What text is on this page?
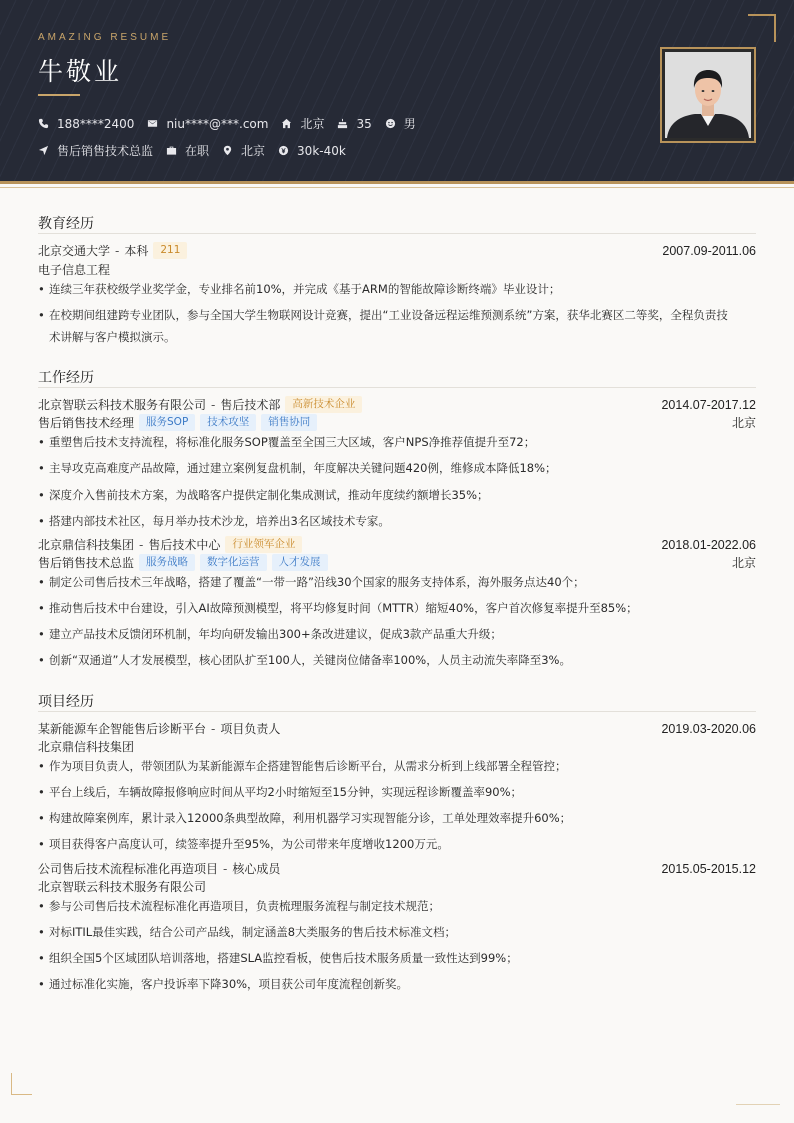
AMAZING RESUME
牛敬业
188****2400	niu****@***.com	北京	35	男
售后销售技术总监	在职	北京	30k-40k
教育经历
北京交通大学 - 本科	211	2007.09-2011.06
电子信息工程
• 连续三年获校级学业奖学金，专业排名前10%，并完成《基于ARM的智能故障诊断终端》毕业设计；
• 在校期间组建跨专业团队，参与全国大学生物联网设计竞赛，提出“工业设备远程运维预测系统”方案，获华北赛区二等奖，全程负责技
术讲解与客户模拟演示。
工作经历
北京智联云科技术服务有限公司 - 售后技术部	高新技术企业	2014.07-2017.12
售后销售技术经理	服务SOP	技术攻坚	销售协同	北京
• 重塑售后技术支持流程，将标准化服务SOP覆盖至全国三大区域，客户NPS净推荐值提升至72；
• 主导攻克高难度产品故障，通过建立案例复盘机制，年度解决关键问题420例，维修成本降低18%；
• 深度介入售前技术方案，为战略客户提供定制化集成测试，推动年度续约额增长35%；
• 搭建内部技术社区，每月举办技术沙龙，培养出3名区域技术专家。
北京鼎信科技集团 - 售后技术中心	行业领军企业	2018.01-2022.06
售后销售技术总监	服务战略	数字化运营	人才发展	北京
• 制定公司售后技术三年战略，搭建了覆盖“一带一路”沿线30个国家的服务支持体系，海外服务点达40个；
• 推动售后技术中台建设，引入AI故障预测模型，将平均修复时间（MTTR）缩短40%，客户首次修复率提升至85%；
• 建立产品技术反馈闭环机制，年均向研发输出300+条改进建议，促成3款产品重大升级；
• 创新“双通道”人才发展模型，核心团队扩至100人，关键岗位储备率100%，人员主动流失率降至3%。
项目经历
某新能源车企智能售后诊断平台 - 项目负责人	2019.03-2020.06
北京鼎信科技集团
• 作为项目负责人，带领团队为某新能源车企搭建智能售后诊断平台，从需求分析到上线部署全程管控；
• 平台上线后，车辆故障报修响应时间从平均2小时缩短至15分钟，实现远程诊断覆盖率90%；
• 构建故障案例库，累计录入12000条典型故障，利用机器学习实现智能分诊，工单处理效率提升60%；
• 项目获得客户高度认可，续签率提升至95%，为公司带来年度增收1200万元。
公司售后技术流程标准化再造项目 - 核心成员	2015.05-2015.12
北京智联云科技术服务有限公司
• 参与公司售后技术流程标准化再造项目，负责梳理服务流程与制定技术规范；
• 对标ITIL最佳实践，结合公司产品线，制定涵盖8大类服务的售后技术标准文档；
• 组织全国5个区域团队培训落地，搭建SLA监控看板，使售后技术服务质量一致性达到99%；
• 通过标准化实施，客户投诉率下降30%，项目获公司年度流程创新奖。
